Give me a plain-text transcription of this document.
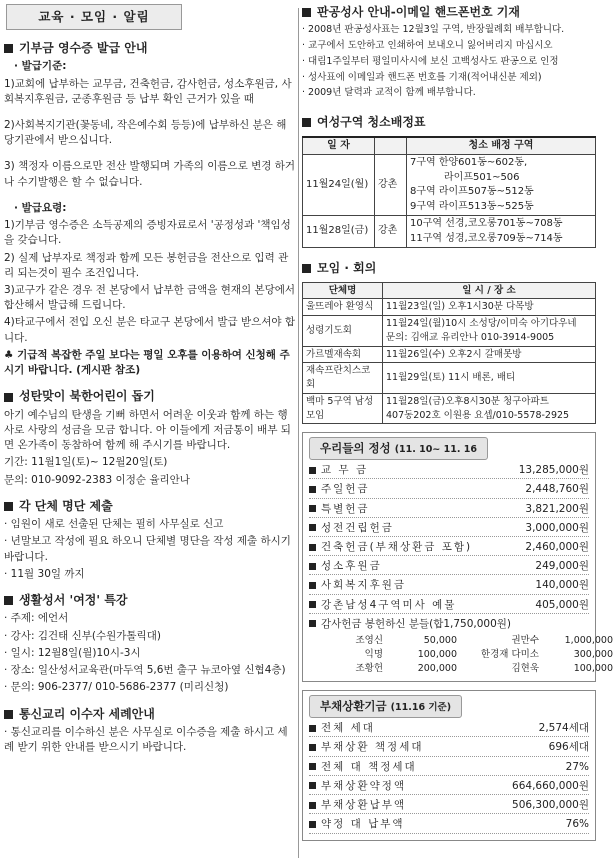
교육 · 모임 · 알림
기부금 영수증 발급 안내
· 발급기준:
1)교회에 납부하는 교무금, 건축헌금, 감사헌금, 성소후원금, 사회복지후원금, 군종후원금 등 납부 확인 근거가 있을 때
2)사회복지기관(꽃동네, 작은예수회 등등)에 납부하신 분은 해당기관에서 받으십니다.
3) 책정자 이름으로만 전산 발행되며 가족의 이름으로 변경 하거나 수기발행은 할 수 없습니다.
· 발급요령:
1)기부금 영수증은 소득공제의 증빙자료로서 '공정성과 '책임성을 갖습니다.
2) 실제 납부자로 책정과 함께 모든 봉헌금을 전산으로 입력 관리 되는것이 필수 조건입니다.
3)교구가 같은 경우 전 본당에서 납부한 금액을 현재의 본당에서 합산해서 발급해 드립니다.
4)타교구에서 전입 오신 분은 타교구 본당에서 발급 받으셔야 합니다.
♣ 기급적 복잡한 주일 보다는 평일 오후를 이용하여 신청해 주시기 바랍니다. (게시판 참조)
성탄맞이 북한어린이 돕기
아기 예수님의 탄생을 기뻐 하면서 어려운 이웃과 함께 하는 행사로 사랑의 성금을 모금 합니다. 아 이들에게 저금통이 배부 되면 온가족이 동참하여 함께 해 주시기를 바랍니다.
기간: 11월1일(토)~ 12월20일(토)
문의: 010-9092-2383 이정순 율리안나
각 단체 명단 제출
· 임원이 새로 선출된 단체는 필히 사무실로 신고
· 년말보고 작성에 필요 하오니 단체별 명단을 작성 제출 하시기 바랍니다.
· 11월 30일 까지
생활성서 '여정' 특강
· 주제: 에언서
· 강사: 김건태 신부(수원가톨릭대)
· 일시: 12월8일(월)10시-3시
· 장소: 일산성서교육관(마두역 5,6번 출구 뉴코아옆 신협4층)
· 문의: 906-2377/ 010-5686-2377 (미리신청)
통신교리 이수자 세례안내
· 통신교리를 이수하신 분은 사무실로 이수증을 제출 하시고 세례 받기 위한 안내를 받으시기 바랍니다.
판공성사 안내-이메일 핸드폰번호 기재
· 2008년 판공성사표는 12월3일 구역, 반장월례회 배부합니다.
· 교구에서 도안하고 인쇄하여 보내오니 잃어버리지 마십시오
· 대림1주일부터 평일미사시에 보신 고백성사도 판공으로 인정
· 성사표에 이메일과 핸드폰 번호를 기재(적어내신분 제외)
· 2009년 달력과 교적이 함께 배부합니다.
여성구역 청소배정표
일 자		청소 배정 구역
11월24일(월)	강촌	7구역 한양601동~602동,
라이프501~506
8구역 라이프507동~512동
9구역 라이프513동~525동

11월28일(금)	강촌	10구역 선경,코오롱701동~708동
11구역 성경,코오롱709동~714동
모임 · 회의
단체명	일 시 / 장 소
울뜨레아 환영식	11월23일(일) 오후1시30분 다목방

성령기도회	11월24일(월)10시 소성당/이미숙 아기다우네
문의: 김애교 유리안나 010-3914-9005

가르멜재속회	11월26일(수) 오후2시 갈매못방

재속프란치스코회	11월29일(토) 11시 배론, 배티

백마 5구역 남성모임	11월28일(금)오후8시30분 청구아파트
407동202호 이원용 요셉/010-5578-2925
우리들의 정성 (11. 10~ 11. 16
교 무 금	13,285,000원
주일헌금	2,448,760원
특별헌금	3,821,200원
성전건립헌금	3,000,000원
건축헌금(부채상환금 포함)	2,460,000원
성소후원금	249,000원
사회복지후원금	140,000원
강촌남성4구역미사 예물	405,000원
감사헌금 봉헌하신 분들(합1,750,000원)
조영신	50,000	권만수	1,000,000
익명	100,000	한경재 다미소	300,000
조황헌	200,000	김현욱	100,000
부채상환기금 (11.16 기준)
전체 세대	2,574세대
부채상환 책정세대	696세대
전체 대 책정세대	27%
부채상환약정액	664,660,000원
부채상환납부액	506,300,000원
약정 대 납부액	76%
